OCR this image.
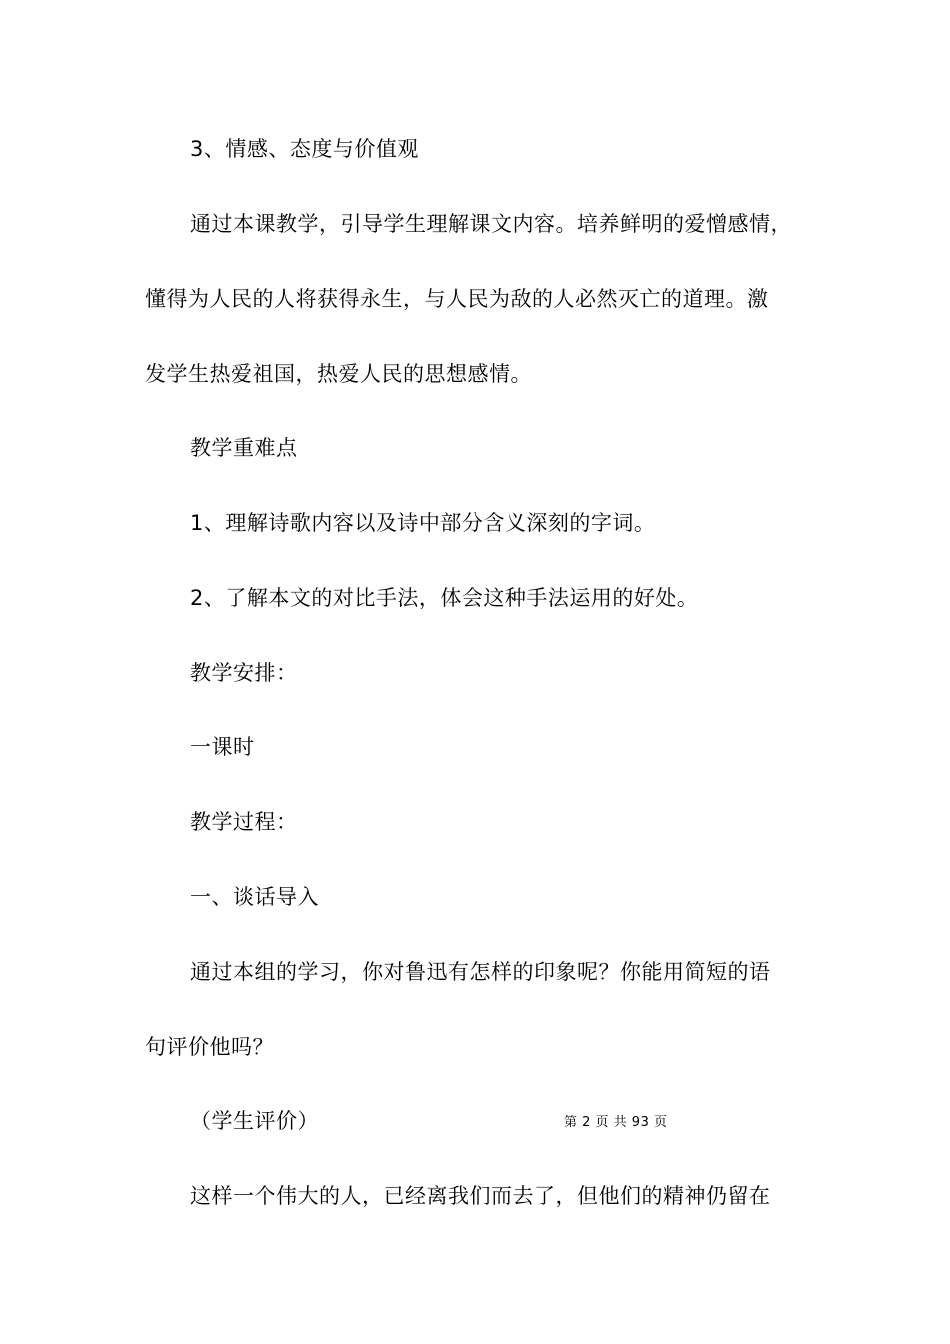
3、情感、态度与价值观
通过本课教学，引导学生理解课文内容。培养鲜明的爱憎感情，
懂得为人民的人将获得永生，与人民为敌的人必然灭亡的道理。激
发学生热爱祖国，热爱人民的思想感情。
教学重难点
1、理解诗歌内容以及诗中部分含义深刻的字词。
2、了解本文的对比手法，体会这种手法运用的好处。
教学安排：
一课时
教学过程：
一、谈话导入
通过本组的学习，你对鲁迅有怎样的印象呢？你能用简短的语
句评价他吗？
（学生评价）	第 2 页 共 93 页
这样一个伟大的人，已经离我们而去了，但他们的精神仍留在
